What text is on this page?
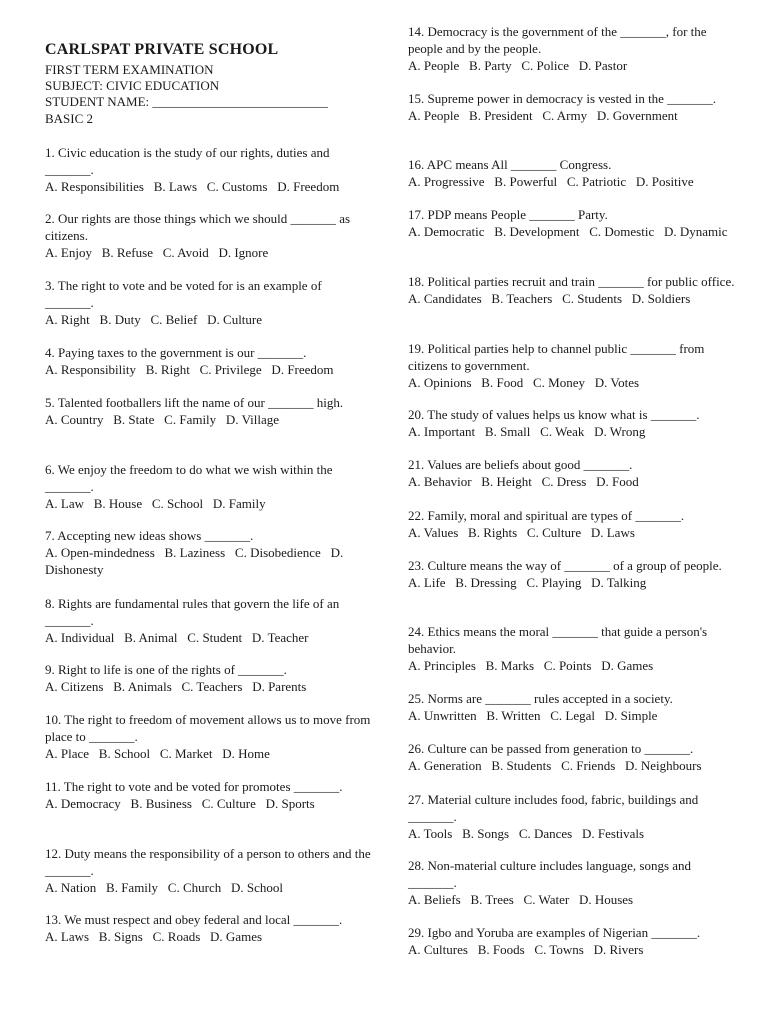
CARLSPAT PRIVATE SCHOOL
FIRST TERM EXAMINATION
SUBJECT: CIVIC EDUCATION
STUDENT NAME: ___________________________
BASIC 2
1. Civic education is the study of our rights, duties and _______.
A. Responsibilities   B. Laws   C. Customs   D. Freedom
2. Our rights are those things which we should _______ as citizens.
A. Enjoy   B. Refuse   C. Avoid   D. Ignore
3. The right to vote and be voted for is an example of _______.
A. Right   B. Duty   C. Belief   D. Culture
4. Paying taxes to the government is our _______.
A. Responsibility   B. Right   C. Privilege   D. Freedom
5. Talented footballers lift the name of our _______ high.
A. Country   B. State   C. Family   D. Village
6. We enjoy the freedom to do what we wish within the _______.
A. Law   B. House   C. School   D. Family
7. Accepting new ideas shows _______.
A. Open-mindedness   B. Laziness   C. Disobedience   D. Dishonesty
8. Rights are fundamental rules that govern the life of an _______.
A. Individual   B. Animal   C. Student   D. Teacher
9. Right to life is one of the rights of _______.
A. Citizens   B. Animals   C. Teachers   D. Parents
10. The right to freedom of movement allows us to move from place to _______.
A. Place   B. School   C. Market   D. Home
11. The right to vote and be voted for promotes _______.
A. Democracy   B. Business   C. Culture   D. Sports
12. Duty means the responsibility of a person to others and the _______.
A. Nation   B. Family   C. Church   D. School
13. We must respect and obey federal and local _______.
A. Laws   B. Signs   C. Roads   D. Games
14. Democracy is the government of the _______, for the people and by the people.
A. People   B. Party   C. Police   D. Pastor
15. Supreme power in democracy is vested in the _______.
A. People   B. President   C. Army   D. Government
16. APC means All _______ Congress.
A. Progressive   B. Powerful   C. Patriotic   D. Positive
17. PDP means People _______ Party.
A. Democratic   B. Development   C. Domestic   D. Dynamic
18. Political parties recruit and train _______ for public office.
A. Candidates   B. Teachers   C. Students   D. Soldiers
19. Political parties help to channel public _______ from citizens to government.
A. Opinions   B. Food   C. Money   D. Votes
20. The study of values helps us know what is _______.
A. Important   B. Small   C. Weak   D. Wrong
21. Values are beliefs about good _______.
A. Behavior   B. Height   C. Dress   D. Food
22. Family, moral and spiritual are types of _______.
A. Values   B. Rights   C. Culture   D. Laws
23. Culture means the way of _______ of a group of people.
A. Life   B. Dressing   C. Playing   D. Talking
24. Ethics means the moral _______ that guide a person's behavior.
A. Principles   B. Marks   C. Points   D. Games
25. Norms are _______ rules accepted in a society.
A. Unwritten   B. Written   C. Legal   D. Simple
26. Culture can be passed from generation to _______.
A. Generation   B. Students   C. Friends   D. Neighbours
27. Material culture includes food, fabric, buildings and _______.
A. Tools   B. Songs   C. Dances   D. Festivals
28. Non-material culture includes language, songs and _______.
A. Beliefs   B. Trees   C. Water   D. Houses
29. Igbo and Yoruba are examples of Nigerian _______.
A. Cultures   B. Foods   C. Towns   D. Rivers
